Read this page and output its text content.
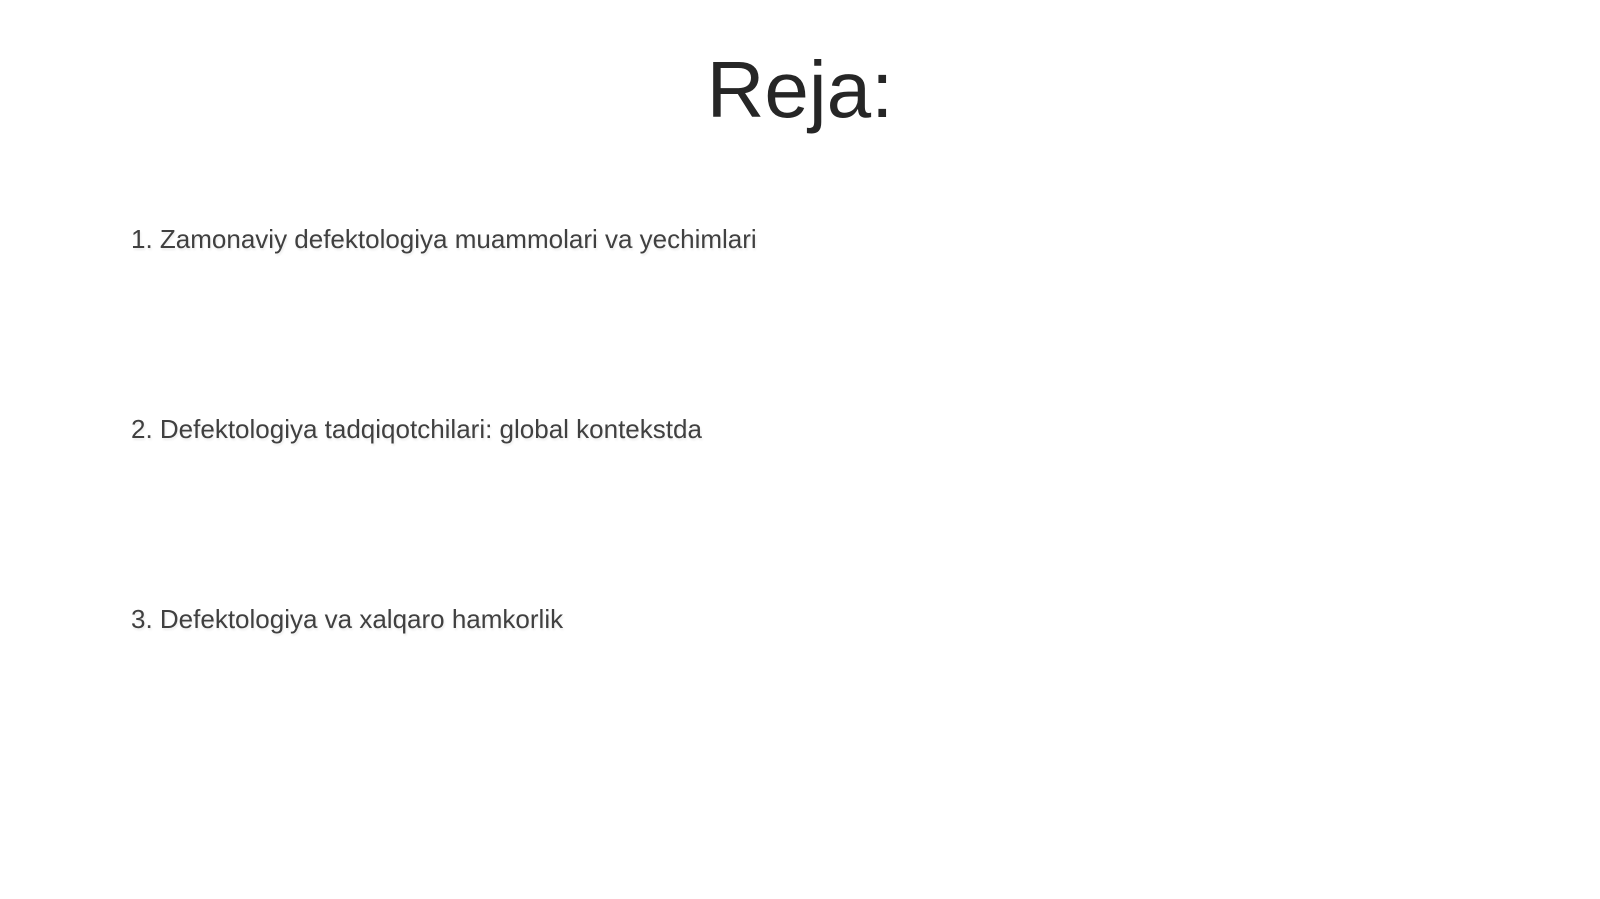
Reja:
1. Zamonaviy defektologiya muammolari va yechimlari
2. Defektologiya tadqiqotchilari: global kontekstda
3. Defektologiya va xalqaro hamkorlik
